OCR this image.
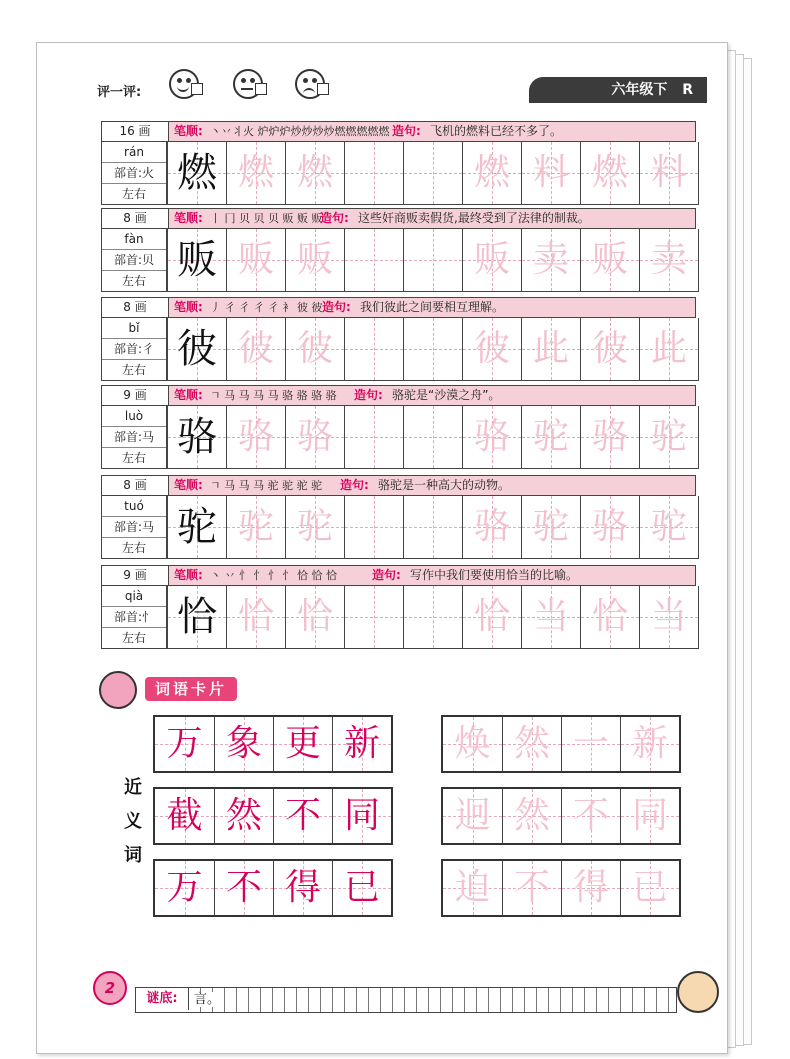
评一评:	六年级下 R
16 画	笔顺: 丶丷丬火 炉炉炉炒炒炒炒燃燃燃燃燃 造句: 飞机的燃料已经不多了。
rán
部首:火
左右 燃 燃 燃	燃 料 燃 料
8 画	笔顺: 丨 冂 贝 贝 贝 贩 贩 贩
造句: 这些奸商贩卖假货,最终受到了法律的制裁。
fàn
部首:贝
左右 贩 贩 贩	贩 卖 贩 卖
8 画	笔顺: 丿 彳 彳 彳 彳 衤 彼 彼 造句: 我们彼此之间要相互理解。
bǐ
部首:彳
左右 彼 彼 彼	彼 此 彼 此
9 画	笔顺: ㄱ 马 马 马 马 骆 骆 骆 骆 造句: 骆驼是“沙漠之舟”。
luò
部首:马
左右 骆 骆 骆	骆 驼 骆 驼
8 画	笔顺: ㄱ 马 马 马 驼 驼 驼 驼 造句: 骆驼是一种高大的动物。
tuó
部首:马
左右 驼 驼 驼	骆 驼 骆 驼
9 画	笔顺: 丶 丷 忄 忄 忄 忄 恰 恰 恰	造句: 写作中我们要使用恰当的比喻。
qià
部首:忄
左右 恰 恰 恰	恰 当 恰 当
词语卡片
近
义
词
万 象 更 新 焕 然 一 新
截 然 不 同 迥 然 不 同
万 不 得 已 迫 不 得 已
2
谜底:	言。
